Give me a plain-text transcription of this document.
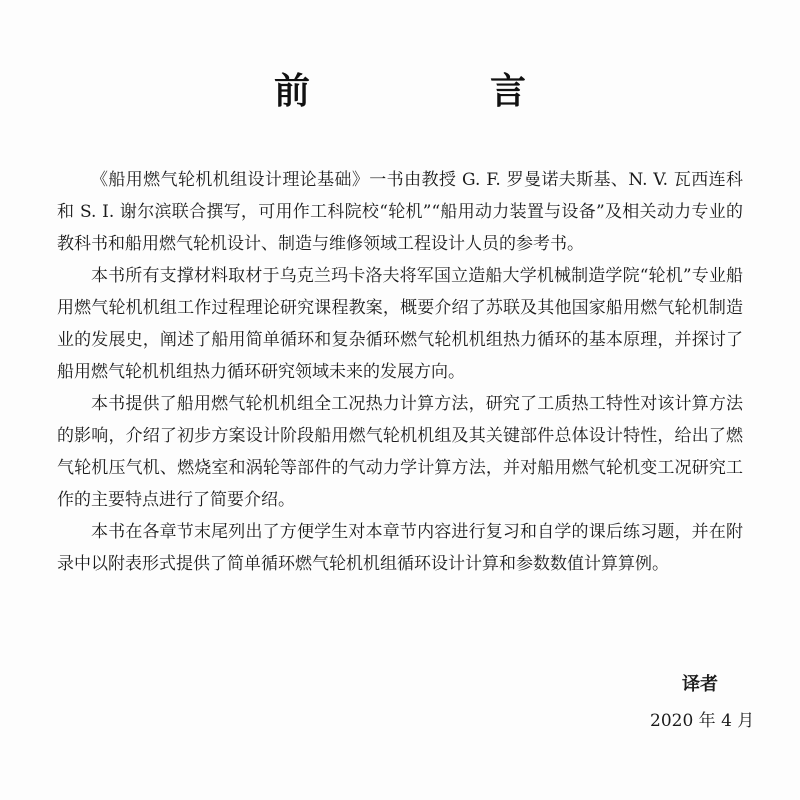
前　言

《船用燃气轮机机组设计理论基础》一书由教授 G. F. 罗曼诺夫斯基、N. V. 瓦西连科和 S. I. 谢尔滨联合撰写，可用作工科院校“轮机”“船用动力装置与设备”及相关动力专业的教科书和船用燃气轮机设计、制造与维修领域工程设计人员的参考书。

本书所有支撑材料取材于乌克兰玛卡洛夫将军国立造船大学机械制造学院“轮机”专业船用燃气轮机机组工作过程理论研究课程教案，概要介绍了苏联及其他国家船用燃气轮机制造业的发展史，阐述了船用简单循环和复杂循环燃气轮机机组热力循环的基本原理，并探讨了船用燃气轮机机组热力循环研究领域未来的发展方向。

本书提供了船用燃气轮机机组全工况热力计算方法，研究了工质热工特性对该计算方法的影响，介绍了初步方案设计阶段船用燃气轮机机组及其关键部件总体设计特性，给出了燃气轮机压气机、燃烧室和涡轮等部件的气动力学计算方法，并对船用燃气轮机变工况研究工作的主要特点进行了简要介绍。

本书在各章节末尾列出了方便学生对本章节内容进行复习和自学的课后练习题，并在附录中以附表形式提供了简单循环燃气轮机机组循环设计计算和参数数值计算算例。

译者
2020 年 4 月
